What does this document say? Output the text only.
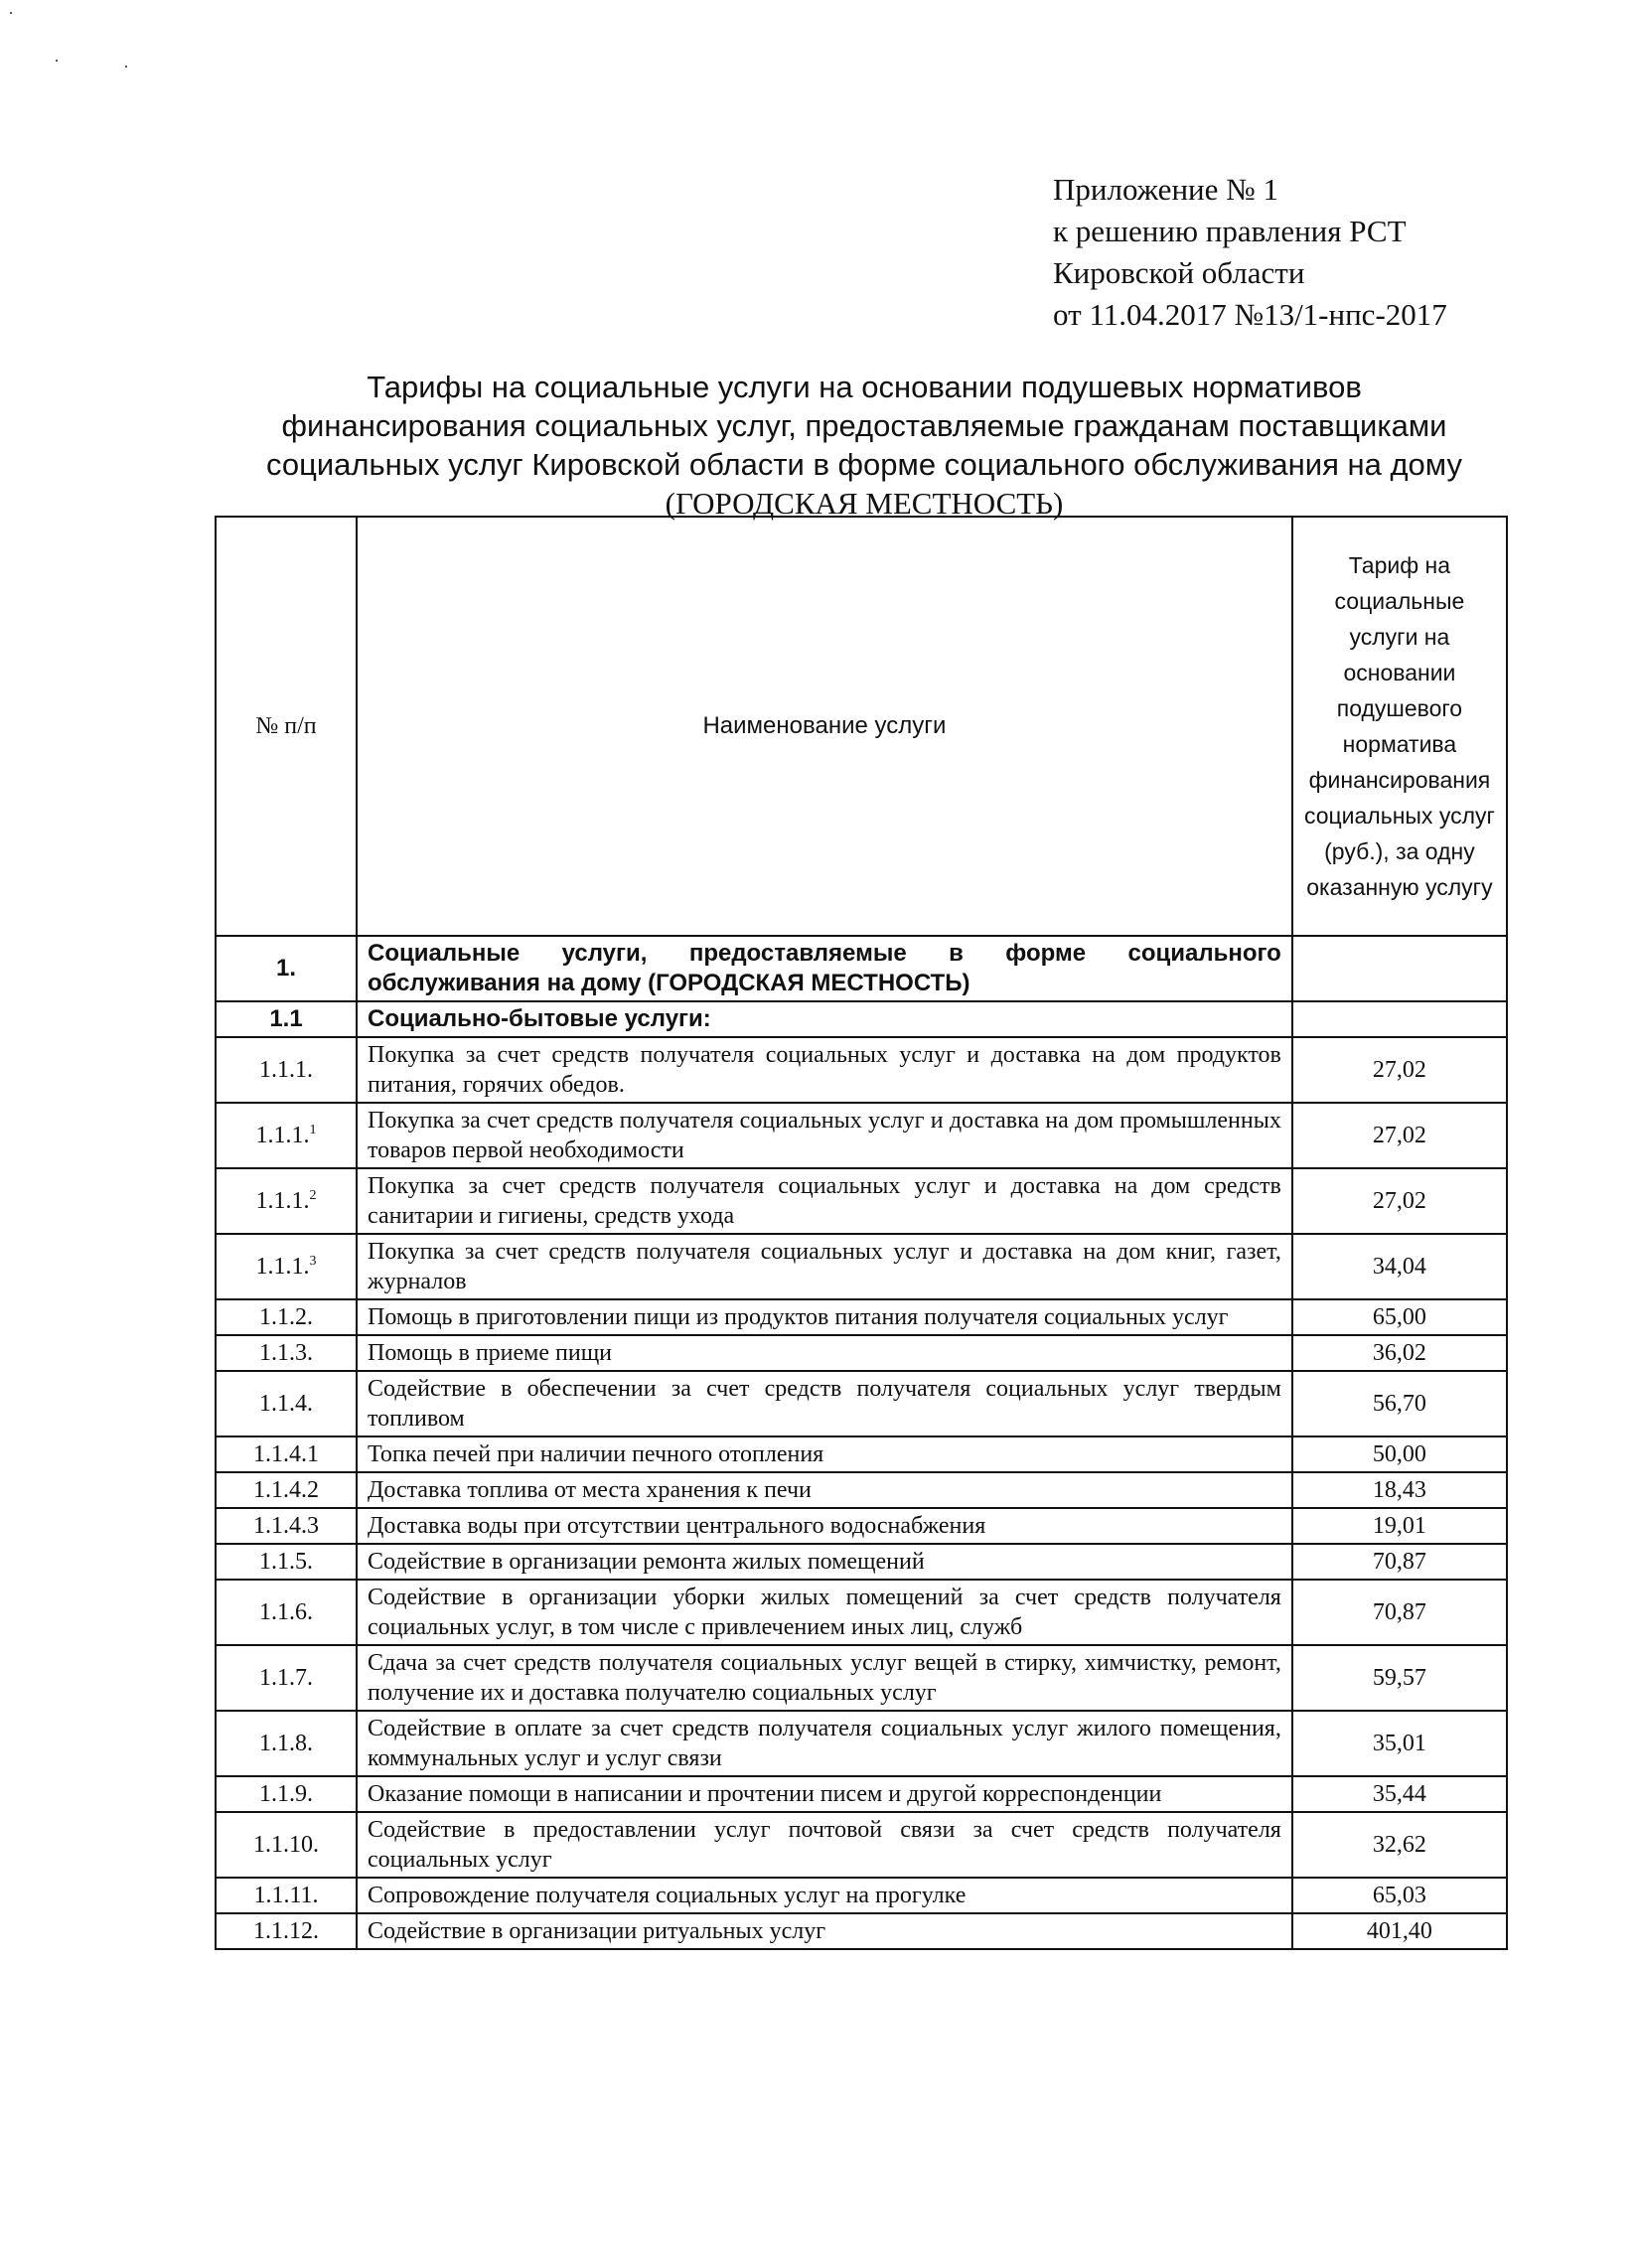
Приложение № 1
к решению правления РСТ
Кировской области
от 11.04.2017 №13/1-нпс-2017
Тарифы на социальные услуги на основании подушевых нормативов
финансирования социальных услуг, предоставляемые гражданам поставщиками
социальных услуг Кировской области в форме социального обслуживания на дому
(ГОРОДСКАЯ МЕСТНОСТЬ)
№ п/п	Наименование услуги	Тариф на социальные услуги на основании подушевого норматива финансирования социальных услуг (руб.), за одну оказанную услугу
1.	Социальные услуги, предоставляемые в форме социального обслуживания на дому (ГОРОДСКАЯ МЕСТНОСТЬ)	
1.1	Социально-бытовые услуги:	
1.1.1.	Покупка за счет средств получателя социальных услуг и доставка на дом продуктов питания, горячих обедов.	27,02
1.1.1.$^1$	Покупка за счет средств получателя социальных услуг и доставка на дом промышленных товаров первой необходимости	27,02
1.1.1.$^2$	Покупка за счет средств получателя социальных услуг и доставка на дом средств санитарии и гигиены, средств ухода	27,02
1.1.1.$^3$	Покупка за счет средств получателя социальных услуг и доставка на дом книг, газет, журналов	34,04
1.1.2.	Помощь в приготовлении пищи из продуктов питания получателя социальных услуг	65,00
1.1.3.	Помощь в приеме пищи	36,02
1.1.4.	Содействие в обеспечении за счет средств получателя социальных услуг твердым топливом	56,70
1.1.4.1	Топка печей при наличии печного отопления	50,00
1.1.4.2	Доставка топлива от места хранения к печи	18,43
1.1.4.3	Доставка воды при отсутствии центрального водоснабжения	19,01
1.1.5.	Содействие в организации ремонта жилых помещений	70,87
1.1.6.	Содействие в организации уборки жилых помещений за счет средств получателя социальных услуг, в том числе с привлечением иных лиц, служб	70,87
1.1.7.	Сдача за счет средств получателя социальных услуг вещей в стирку, химчистку, ремонт, получение их и доставка получателю социальных услуг	59,57
1.1.8.	Содействие в оплате за счет средств получателя социальных услуг жилого помещения, коммунальных услуг и услуг связи	35,01
1.1.9.	Оказание помощи в написании и прочтении писем и другой корреспонденции	35,44
1.1.10.	Содействие в предоставлении услуг почтовой связи за счет средств получателя социальных услуг	32,62
1.1.11.	Сопровождение получателя социальных услуг на прогулке	65,03
1.1.12.	Содействие в организации ритуальных услуг	401,40
